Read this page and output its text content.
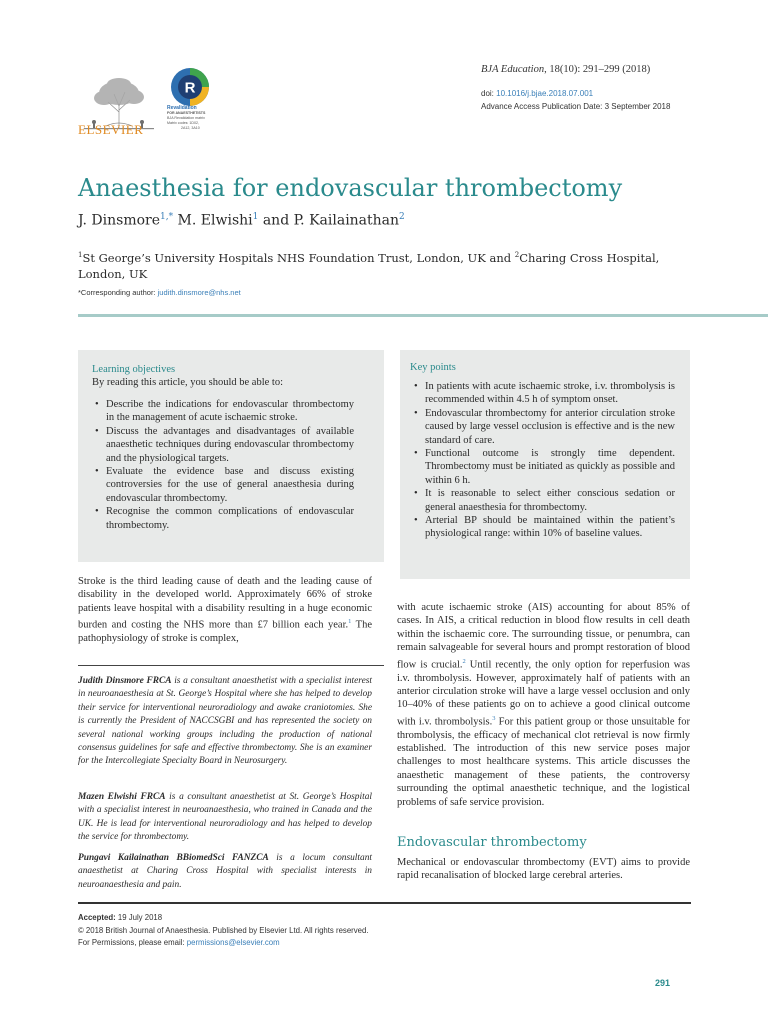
ELSEVIER
R
Revalidation
FOR ANAESTHETISTS
BJA Revalidation matrix
Matrix codes: 1D02,
2A12, 3A10
BJA Education, 18(10): 291–299 (2018)
doi: 10.1016/j.bjae.2018.07.001
Advance Access Publication Date: 3 September 2018
Anaesthesia for endovascular thrombectomy
J. Dinsmore$^{1,*}$ M. Elwishi$^1$ and P. Kailainathan$^2$
$^1$St George’s University Hospitals NHS Foundation Trust, London, UK and $^2$Charing Cross Hospital, London, UK
*Corresponding author: judith.dinsmore@nhs.net
Learning objectives
By reading this article, you should be able to:
• Describe the indications for endovascular thrombectomy in the management of acute ischaemic stroke.
• Discuss the advantages and disadvantages of available anaesthetic techniques during endovascular thrombectomy and the physiological targets.
• Evaluate the evidence base and discuss existing controversies for the use of general anaesthesia during endovascular thrombectomy.
• Recognise the common complications of endovascular thrombectomy.
Key points
• In patients with acute ischaemic stroke, i.v. thrombolysis is recommended within 4.5 h of symptom onset.
• Endovascular thrombectomy for anterior circulation stroke caused by large vessel occlusion is effective and is the new standard of care.
• Functional outcome is strongly time dependent. Thrombectomy must be initiated as quickly as possible and within 6 h.
• It is reasonable to select either conscious sedation or general anaesthesia for thrombectomy.
• Arterial BP should be maintained within the patient’s physiological range: within 10% of baseline values.
Stroke is the third leading cause of death and the leading cause of disability in the developed world. Approximately 66% of stroke patients leave hospital with a disability resulting in a huge economic burden and costing the NHS more than £7 billion each year.$^1$ The pathophysiology of stroke is complex,
Judith Dinsmore FRCA is a consultant anaesthetist with a specialist interest in neuroanaesthesia at St. George’s Hospital where she has helped to develop their service for interventional neuroradiology and awake craniotomies. She is currently the President of NACCSGBI and has represented the society on several national working groups including the production of national consensus guidelines for safe and effective thrombectomy. She is an examiner for the Intercollegiate Specialty Board in Neurosurgery.
Mazen Elwishi FRCA is a consultant anaesthetist at St. George’s Hospital with a specialist interest in neuroanaesthesia, who trained in Canada and the UK. He is lead for interventional neuroradiology and has helped to develop the service for thrombectomy.
Pungavi Kailainathan BBiomedSci FANZCA is a locum consultant anaesthetist at Charing Cross Hospital with specialist interests in neuroanaesthesia and pain.
with acute ischaemic stroke (AIS) accounting for about 85% of cases. In AIS, a critical reduction in blood flow results in cell death within the ischaemic core. The surrounding tissue, or penumbra, can remain salvageable for several hours and prompt restoration of blood flow is crucial.$^2$ Until recently, the only option for reperfusion was i.v. thrombolysis. However, approximately half of patients with an anterior circulation stroke will have a large vessel occlusion and only 10–40% of these patients go on to achieve a good clinical outcome with i.v. thrombolysis.$^3$ For this patient group or those unsuitable for thrombolysis, the efficacy of mechanical clot retrieval is now firmly established. The introduction of this new service poses major challenges to most healthcare systems. This article discusses the anaesthetic management of these patients, the controversy surrounding the optimal anaesthetic technique, and the logistical problems of safe service provision.
Endovascular thrombectomy
Mechanical or endovascular thrombectomy (EVT) aims to provide rapid recanalisation of blocked large cerebral arteries.
Accepted: 19 July 2018
© 2018 British Journal of Anaesthesia. Published by Elsevier Ltd. All rights reserved.
For Permissions, please email: permissions@elsevier.com
291
